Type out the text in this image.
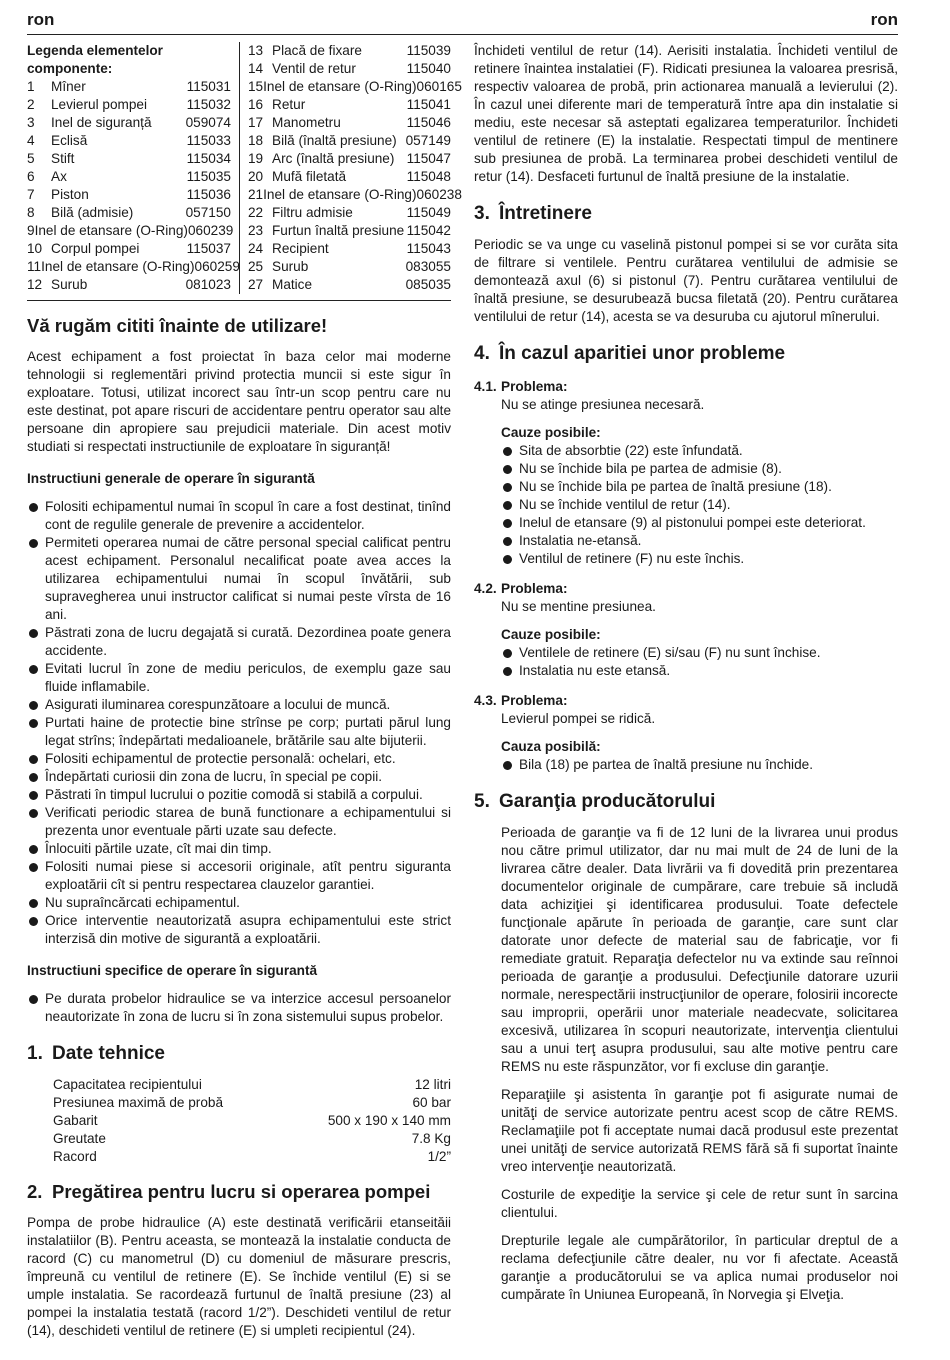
ron	ron
Legenda elementelor
componente:
1	Mîner	115031
2	Levierul pompei	115032
3	Inel de siguranță	059074
4	Eclisă	115033
5	Stift	115034
6	Ax	115035
7	Piston	115036
8	Bilă (admisie)	057150
9 Inel de etansare (O-Ring) 060239
10 Corpul pompei	115037
11 Inel de etansare (O-Ring) 060259
12 Surub	081023
13 Placă de fixare	115039
14 Ventil de retur	115040
15 Inel de etansare (O-Ring) 060165
16 Retur	115041
17 Manometru	115046
18 Bilă (înaltă presiune) 057149
19 Arc (înaltă presiune) 115047
20 Mufă filetată	115048
21 Inel de etansare (O-Ring) 060238
22 Filtru admisie	115049
23 Furtun înaltă presiune 115042
24 Recipient	115043
25 Surub	083055
27 Matice	085035
Vă rugăm cititi înainte de utilizare!

Acest echipament a fost proiectat în baza celor mai moderne tehnologii si reglementări privind protectia muncii si este sigur în exploatare. Totusi, utilizat incorect sau într-un scop pentru care nu este destinat, pot apare riscuri de accidentare pentru operator sau alte persoane din apropiere sau prejudicii materiale. Din acest motiv studiati si respectati instructiunile de exploatare în siguranță!

Instructiuni generale de operare în sigurantă
Folositi echipamentul numai în scopul în care a fost destinat, tinînd cont de regulile generale de prevenire a accidentelor.
Permiteti operarea numai de către personal special calificat pentru acest echipament. Personalul necalificat poate avea acces la utilizarea echipamentului numai în scopul învătării, sub supravegherea unui instructor calificat si numai peste vîrsta de 16 ani.
Păstrati zona de lucru degajată si curată. Dezordinea poate genera accidente.
Evitati lucrul în zone de mediu periculos, de exemplu gaze sau fluide inflamabile.
Asigurati iluminarea corespunzătoare a locului de muncă.
Purtati haine de protectie bine strînse pe corp; purtati părul lung legat strîns; îndepărtati medalioanele, brătările sau alte bijuterii.
Folositi echipamentul de protectie personală: ochelari, etc.
Îndepărtati curiosii din zona de lucru, în special pe copii.
Păstrati în timpul lucrului o pozitie comodă si stabilă a corpului.
Verificati periodic starea de bună functionare a echipamentului si prezenta unor eventuale părti uzate sau defecte.
Înlocuiti părtile uzate, cît mai din timp.
Folositi numai piese si accesorii originale, atît pentru siguranta exploatării cît si pentru respectarea clauzelor garantiei.
Nu supraîncărcati echipamentul.
Orice interventie neautorizată asupra echipamentului este strict interzisă din motive de sigurantă a exploatării.
Instructiuni specifice de operare în sigurantă
Pe durata probelor hidraulice se va interzice accesul persoanelor neautorizate în zona de lucru si în zona sistemului supus probelor.
1. Date tehnice
Capacitatea recipientului	12 litri
Presiunea maximă de probă	60 bar
Gabarit	500 x 190 x 140 mm
Greutate	7.8 Kg
Racord	1/2”
2. Pregătirea pentru lucru si operarea pompei

Pompa de probe hidraulice (A) este destinată verificării etanseităii instalatiilor (B). Pentru aceasta, se montează la instalatie conducta de racord (C) cu manometrul (D) cu domeniul de măsurare prescris, împreună cu ventilul de retinere (E). Se închide ventilul (E) si se umple instalatia. Se racordează furtunul de înaltă presiune (23) al pompei la instalatia testată (racord 1/2”). Deschideti ventilul de retur (14), deschideti ventilul de retinere (E) si umpleti recipientul (24).

Închideti ventilul de retur (14). Aerisiti instalatia. Închideti ventilul de retinere înaintea instalatiei (F). Ridicati presiunea la valoarea presrisă, respectiv valoarea de probă, prin actionarea manuală a levierului (2). În cazul unei diferente mari de temperatură între apa din instalatie si mediu, este necesar să asteptati egalizarea temperaturilor. Închideti ventilul de retinere (E) la instalatie. Respectati timpul de mentinere sub presiunea de probă. La terminarea probei deschideti ventilul de retur (14). Desfaceti furtunul de înaltă presiune de la instalatie.

3. Întretinere

Periodic se va unge cu vaselină pistonul pompei si se vor curăta sita de filtrare si ventilele. Pentru curătarea ventilului de admisie se demontează axul (6) si pistonul (7). Pentru curătarea ventilului de înaltă presiune, se desurubează bucsa filetată (20). Pentru curătarea ventilului de retur (14), acesta se va desuruba cu ajutorul mînerului.

4. În cazul aparitiei unor probleme
4.1. Problema:
Nu se atinge presiunea necesară.
Cauze posibile:
Sita de absorbtie (22) este înfundată.
Nu se închide bila pe partea de admisie (8).
Nu se închide bila pe partea de înaltă presiune (18).
Nu se închide ventilul de retur (14).
Inelul de etansare (9) al pistonului pompei este deteriorat.
Instalatia ne-etansă.
Ventilul de retinere (F) nu este închis.
4.2. Problema:
Nu se mentine presiunea.
Cauze posibile:
Ventilele de retinere (E) si/sau (F) nu sunt închise.
Instalatia nu este etansă.
4.3. Problema:
Levierul pompei se ridică.
Cauza posibilă:
Bila (18) pe partea de înaltă presiune nu închide.
5. Garanţia producătorului

Perioada de garanţie va fi de 12 luni de la livrarea unui produs nou către primul utilizator, dar nu mai mult de 24 de luni de la livrarea către dealer. Data livrării va fi dovedită prin prezentarea documentelor originale de cumpărare, care trebuie să includă data achiziţiei şi identificarea produsului. Toate defectele funcţionale apărute în perioada de garanţie, care sunt clar datorate unor defecte de material sau de fabricaţie, vor fi remediate gratuit. Reparaţia defectelor nu va extinde sau reînnoi perioada de garanţie a produsului. Defecţiunile datorare uzurii normale, nerespectării instrucţiunilor de operare, folosirii incorecte sau improprii, operării unor materiale neadecvate, solicitarea excesivă, utilizarea în scopuri neautorizate, intervenţia clientului sau a unui terţ asupra produsului, sau alte motive pentru care REMS nu este răspunzător, vor fi excluse din garanţie.

Reparaţiile şi asistenta în garanţie pot fi asigurate numai de unităţi de service autorizate pentru acest scop de către REMS. Reclamaţiile pot fi acceptate numai dacă produsul este prezentat unei unităţi de service autorizată REMS fără să fi suportat înainte vreo intervenţie neautorizată.

Costurile de expediţie la service şi cele de retur sunt în sarcina clientului.

Drepturile legale ale cumpărătorilor, în particular dreptul de a reclama defecţiunile către dealer, nu vor fi afectate. Această garanţie a producătorului se va aplica numai produselor noi cumpărate în Uniunea Europeană, în Norvegia şi Elveţia.
